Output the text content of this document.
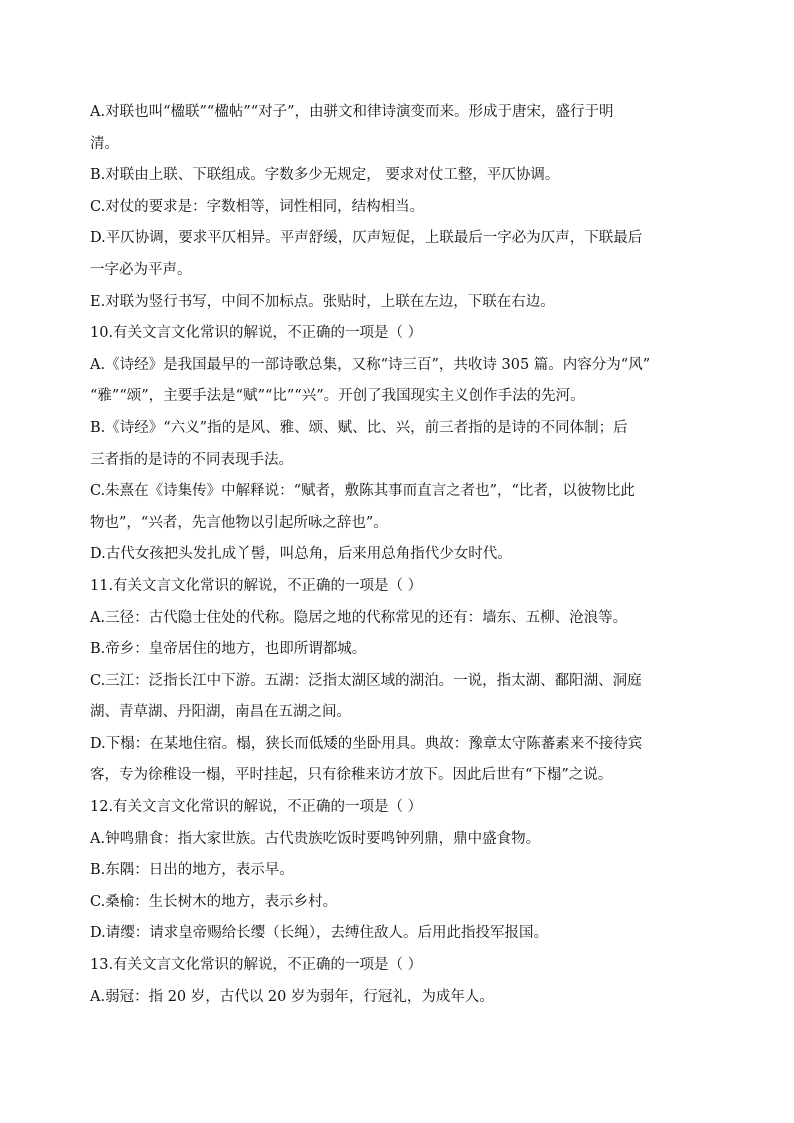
A.对联也叫“楹联”“楹帖”“对子”，由骈文和律诗演变而来。形成于唐宋，盛行于明
清。
B.对联由上联、下联组成。字数多少无规定， 要求对仗工整，平仄协调。
C.对仗的要求是：字数相等，词性相同，结构相当。
D.平仄协调，要求平仄相异。平声舒缓，仄声短促，上联最后一字必为仄声，下联最后
一字必为平声。
E.对联为竖行书写，中间不加标点。张贴时，上联在左边，下联在右边。
10.有关文言文化常识的解说，不正确的一项是（ ）
A.《诗经》是我国最早的一部诗歌总集，又称“诗三百”，共收诗 305 篇。内容分为“风”
“雅”“颂”，主要手法是“赋”“比”“兴”。开创了我国现实主义创作手法的先河。
B.《诗经》“六义”指的是风、雅、颂、赋、比、兴，前三者指的是诗的不同体制；后
三者指的是诗的不同表现手法。
C.朱熹在《诗集传》中解释说：“赋者，敷陈其事而直言之者也”，“比者，以彼物比此
物也”，“兴者，先言他物以引起所咏之辞也”。
D.古代女孩把头发扎成丫髻，叫总角，后来用总角指代少女时代。
11.有关文言文化常识的解说，不正确的一项是（ ）
A.三径：古代隐士住处的代称。隐居之地的代称常见的还有：墙东、五柳、沧浪等。
B.帝乡：皇帝居住的地方，也即所谓都城。
C.三江：泛指长江中下游。五湖：泛指太湖区域的湖泊。一说，指太湖、鄱阳湖、洞庭
湖、青草湖、丹阳湖，南昌在五湖之间。
D.下榻：在某地住宿。榻，狭长而低矮的坐卧用具。典故：豫章太守陈蕃素来不接待宾
客，专为徐稚设一榻，平时挂起，只有徐稚来访才放下。因此后世有“下榻”之说。
12.有关文言文化常识的解说，不正确的一项是（ ）
A.钟鸣鼎食：指大家世族。古代贵族吃饭时要鸣钟列鼎，鼎中盛食物。
B.东隅：日出的地方，表示早。
C.桑榆：生长树木的地方，表示乡村。
D.请缨：请求皇帝赐给长缨（长绳），去缚住敌人。后用此指投军报国。
13.有关文言文化常识的解说，不正确的一项是（ ）
A.弱冠：指 20 岁，古代以 20 岁为弱年，行冠礼，为成年人。
